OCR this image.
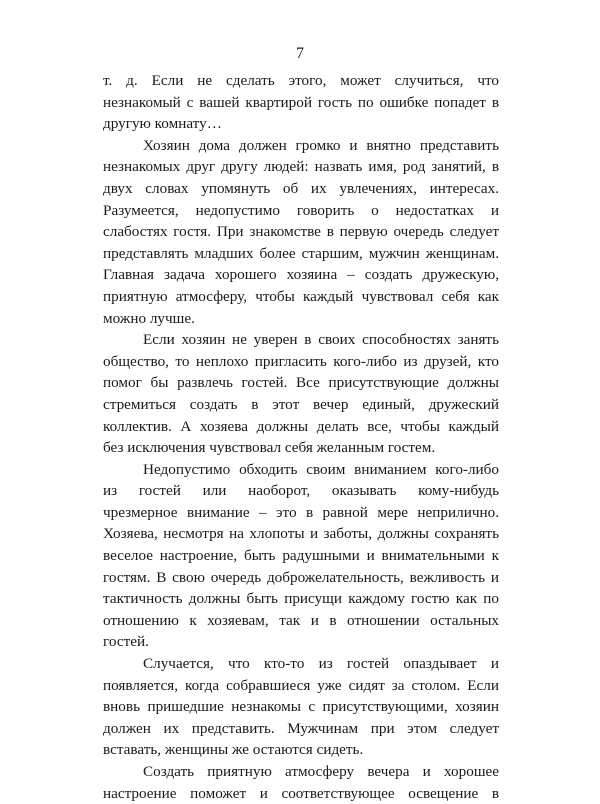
7

т. д. Если не сделать этого, может случиться, что
незнакомый с вашей квартирой гость по ошибке попадет в
другую комнату…

Хозяин дома должен громко и внятно представить
незнакомых друг другу людей: назвать имя, род занятий, в
двух словах упомянуть об их увлечениях, интересах.
Разумеется, недопустимо говорить о недостатках и
слабостях гостя. При знакомстве в первую очередь следует
представлять младших более старшим, мужчин женщинам.
Главная задача хорошего хозяина – создать дружескую,
приятную атмосферу, чтобы каждый чувствовал себя как
можно лучше.

Если хозяин не уверен в своих способностях занять
общество, то неплохо пригласить кого-либо из друзей, кто
помог бы развлечь гостей. Все присутствующие должны
стремиться создать в этот вечер единый, дружеский
коллектив. А хозяева должны делать все, чтобы каждый
без исключения чувствовал себя желанным гостем.

Недопустимо обходить своим вниманием кого-либо
из гостей или наоборот, оказывать кому-нибудь
чрезмерное внимание – это в равной мере неприлично.
Хозяева, несмотря на хлопоты и заботы, должны сохранять
веселое настроение, быть радушными и внимательными к
гостям. В свою очередь доброжелательность, вежливость и
тактичность должны быть присущи каждому гостю как по
отношению к хозяевам, так и в отношении остальных
гостей.

Случается, что кто-то из гостей опаздывает и
появляется, когда собравшиеся уже сидят за столом. Если
вновь пришедшие незнакомы с присутствующими, хозяин
должен их представить. Мужчинам при этом следует
вставать, женщины же остаются сидеть.

Создать приятную атмосферу вечера и хорошее
настроение поможет и соответствующее освещение в
